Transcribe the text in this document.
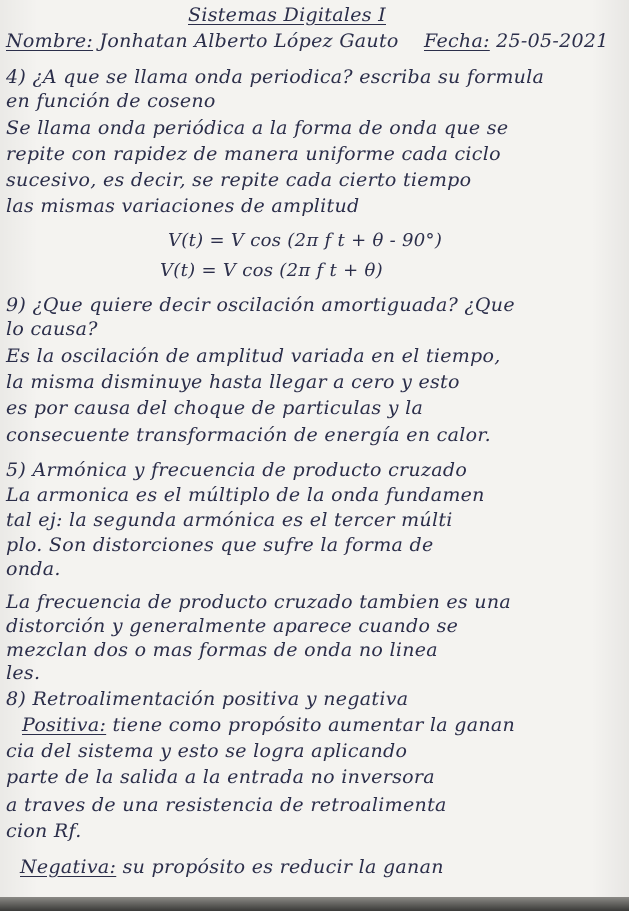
Sistemas Digitales I
Nombre: Jonhatan Alberto López Gauto Fecha: 25-05-2021
4) ¿A que se llama onda periodica? escriba su formula
en función de coseno
Se llama onda periódica a la forma de onda que se
repite con rapidez de manera uniforme cada ciclo
sucesivo, es decir, se repite cada cierto tiempo
las mismas variaciones de amplitud
V(t) = V cos (2π f t + θ - 90°)
V(t) = V cos (2π f t + θ)
9) ¿Que quiere decir oscilación amortiguada? ¿Que
lo causa?
Es la oscilación de amplitud variada en el tiempo,
la misma disminuye hasta llegar a cero y esto
es por causa del choque de particulas y la
consecuente transformación de energía en calor.
5) Armónica y frecuencia de producto cruzado
La armonica es el múltiplo de la onda fundamen
tal ej: la segunda armónica es el tercer múlti
plo. Son distorciones que sufre la forma de
onda.
La frecuencia de producto cruzado tambien es una
distorción y generalmente aparece cuando se
mezclan dos o mas formas de onda no linea
les.
8) Retroalimentación positiva y negativa
Positiva: tiene como propósito aumentar la ganan
cia del sistema y esto se logra aplicando
parte de la salida a la entrada no inversora
a traves de una resistencia de retroalimenta
cion Rf.
Negativa: su propósito es reducir la ganan
